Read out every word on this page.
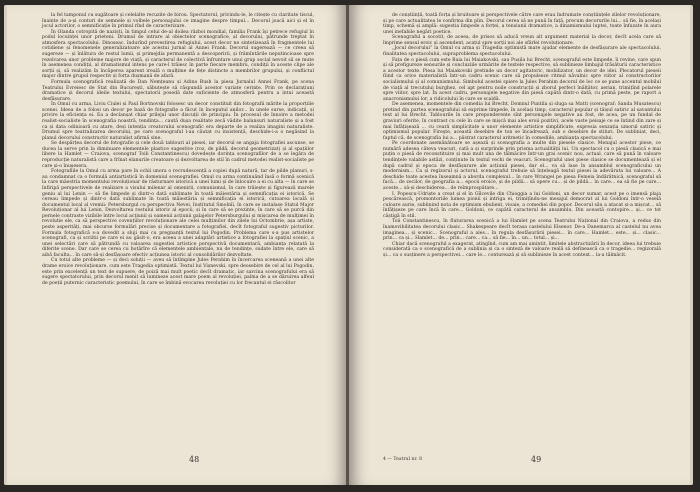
la fel tamponul cu sugătoare și celelalte recuzite de birou. Spectatorul, privindu-le, le citește cu claritate tiscul, înainte de a-și conturi de semnele și volbele personajului ce imagine despre timpul... Decorul joacă aici și el în jocul actorilor, o semnificație în primul rînd de caracterizare.

În Olanda cotropită de naziști, în timpul celui de-al doilea război mondial, familia Frank își petrece refugiul în podul locuinței unor prieteni. Drumul de intrare al obiectelor scenografice, al decorului, pătrunde treptat în atmosfera spectacolului. Dinoseac, îndurînd prevestirea refugiului, acest decor ne sintetizează în fragmentele lui cotidiene și fenomenele generalizatoare ale acestui jurnal al Annei Frank. Decorul sugerează — ce creea să sugereze — și înlătura de restul lumii, și primejdia permanentă a descoperirii, și frămîntările neputincioase spre rezolvarea unor probleme majore de viață, și caracterul de colectivă înfruntare unui grup social nevoit să se mute în asemenea condiții, al dramatismul intens pe care-l trăiesc în parte fiecare membru, condiții în aceste clipe ale sorții și, să realizăm în încăperea aparent ireală o mulțime de fețe distincte a membrilor grupului, și conflictul major dintre grupul respectiv și forța dușmană de afară.

Formula scenografică realizată de Dan Nemțeanu și Adina Bush la piesa Jurnalul Annei Frank, pe scena Teatrului Evreiesc de Stat din București, săbutește să răspundă acestor variate cerințe. Prin ce declarațiuni dramatice și decorul ideile textului, spectatorii posedă date suficiente de atmosferă pentru a intui această desfășurare.

În Omul cu arma, Liviu Ciulei și Paul Bortnovski folosesc un decor constituit din fotografii mărite la proporțiile scenei. Ideea de a folosi un decor pe bază de fotografie a făcut în începutul anilor... în unele surse, indicații, și privire la eficiența ei. Ea a declanșat chiar prilejul unor discuții de principiu. În procesul de înnoire a metodei realist-socialiste în scenografia noastră, tendința... caută dușa realitate zecă vădite balansuri naturaliste și a fost ca și data odinioară cu atare, deși intenția creatorului scenografic era departe de a realiza imagini naturaliste. Drumul spre teatralizarea decorului, pe care scenograful l-au căutat cu insistență, deschide-i-a o negăsind la planul decorului constructiv naturalist afirmă sine.

Se despărțea decorul de fotografie și cele două tablouri al piesei, iar decorul se angaja fotografiei ascunse, se ducea la serve prin la diminuare elementele plastice sugestive (roz, de pildă, decorul geometrizat) și al spațiilor libere la Hamlet — Craiova, scenograf Toili Constantinescu) dovedește dorința scenografilor de a se legăra de reproducție naturalistă care a frînat elanurile creatoare și dezvoltarea de stil în cadrul metodei realist-socialiste pe care și-o înușesera.

Fotografiile la Omul cu arma pare în ochii unora o recrudescență a copiei după natură, tar de pilde planuri, s-au condamnat ca o formulă antiartistică în domeniul scenografiei. Omul cu arma continuând însă o formă scenică la care măestria momentului revoluționar de răsturnare istorică a unei lumi și de înlocuire a ei cu alta — în care se înfiripă perspectivele de realizare a visului milenar al omenirii, comunismul, în care trăiește și figurează marele geniu al lui Lenin — să fie limpede și dintr-o dată sublimate în toată măiestăria și semnificația ei istorică. Se cereau limpede și dintr-o dată sublimate în toată măiestăria și semnificația ei istorică, cutoarea locală și documentul local al vremii: Petersburgul cu perspectiva Nevei, Institutul Smolnîi, în care se instalase Statul Major Revoluționar al lui Lenin, Dezvoltarea rostului istoric al epocii, și în care să se prezinte, în care să se purcă din pernele contraste vizibile între locul acțiunii și oamenii acțiunii galajelor Petersburgului și mișcarea de mulțimei în revolutie ele, ca să perspective covențiilor revoluționare ale celei mulțimilor din zilele lui Octombrie, așa artiste, peste asperități, mai obcurse formulări precise și documentare a fotografiei, decît fotograful sugestiv picturilor. Formula fotografică s-a dovedit a sluji mai cu pregnanță textul lui Pogodin. Problema care s-a pus artistelor scenografi, ca și scriitii pe care ei au găsit-o, era aceea a unei adaptări artistice a fotografiei la spațiul scenic, a unei selectări care să pătrundă cu valoarea sugestiei artistice perspectivă documentară, ambianța relatată la diferite scene. Dar care se cerea cu hotărîre că elementele ambientale, nu de tendințe, sudate între ele, care să aibă faculta... în care să-și desfășoare efectiv acțiunea istoric al consolidărilor dezvoltate.

Cu totul alte probleme — și deci soluții — aveu să întîmpine Jules Perahim în încercarea sceneană a unei alte drame eroice revoluționare, cum este Tragedia optimistă. Textul lui Vișnevski, spre deosebire de cel al lui Pogodin, este prin excelență un text de supuere, de poiză mai mult poetic decît dramatic, iar sarcina scenografului era să sugere spectatorului, prin decorul menit să lumineze acest mare poem al revoluției, palma de a se dăruirea alfeul de poeții puternic caracteristic poemului, în care se îmbină evocarea revoluției cu lor frecantul ei răscolitor

48

de conștiință, toată forța și bruitoare și perspectivele către care erau îndrumate conștiințele zilelor revoluționare, și pe care actualitatea le confirma din plin. Decorul cerea să ne pună în față, precum decorurile lui... să fie, în același timp, schemă și amplă: sugestia limpede a forței, a tensiunii dramatice, a dinamismului luptei, toate înfuzate în aura unei inefabile negări poetice.

Scenograful a socotit, de aceea, de prisos să aducă vreun alt argument material la decor, decît acela care să împrime sensul eroic și ascendent, acațul spre sorții noi ale sfârlei revoluționare.

„Jocul decorului” la Omul cu arma și Tragedia optimistă mare ajudar elemente de desfășurare ale spectacolului, finalitatea spectacolului, supraproblema spectacolului.

Fața de o piesă cum este Baia lui Maiakovski, sau Pușila lui Brecht, scenograful este limpede, îi revine, care spun și să prefigureze sensurile și concluziile urmărite de textele respective, să sublinieze limbajul trăsăturii caracteristice a acestor texte. Piesa lui Maiakovski pretinde un decor agitatoric, mobilizator, un decor de idei. Plecatorul pieseii fiind ca orice materialistă într-un cadru scenic care să propulseze ritmul năvalnic spre viitor al constructorilor socialismului și al comunismului. Simbolul acestei spiere la Jules Perahim decorul de loc ce se pune accentul mobilul de viață al trecutului burghez, cel apt pentru noile construcții și zborul perfect înălțător, aerian, trimițînd polarele spre viitor, spre lat. În acest cadru, personajele negative din piesă capătă dintr-o dată, cu primă peste, pe raport a anacronismului lor, a ridicolului în care se scaldă.

De asemenea, momentele din comedia lui Brecht, Domnul Puntila și sluga sa Matti (scenograf: Sanda Musatescu) pretind din partea scenografului să exprime limpede, în același timp, caracterul popular și tăișul satiric al savantului text al lui Brecht. Tablourile în care preponderente sînt personajele negative au fost, de acea, pe un fundal de graviuri oferite, în contrast cu cele în care se mișcă mai ales eroii pozitivi, acele vaste peisaje ce se întind din zare și mai înfățișează ... cu ceară simplicitate a unor elemente artistice simplificate, expresia senzația umorul satiric și optimismul popular. Fireşte, această desebire de ton se încadrează, sub o desebire de stiluri. De subliniat, deci, faptul că, de scenografia lui a... păstrat caracterul aritmetic în comediile, ambianța spectacolului.

Pe coordonate asemănătoare se așează și scenografia a multe din piesele clasice. Menajul acestor piese, ce numără adesea câteva veacuri, cată a și surprinde prin prisma actualității lui. Un spectacol cu o piesă clasică e mai puțin o piesă de reconstituire și mai mult una de tălmăcire într-un grai scenic nou, actual, care să pună în valoare tendințele valabile astăzi, conținute în textul vechi de veacuri. Scenograful unei piese clasice se documentează și el după cadrul și epoca de desfășurare ale acțiunii piesei, dar el... va să lase în ansamblul scenograficului un modernism... Ca și regizorul și actorul, scenograful trebuie să înțeleagă textul piesei la adevărata lui valoare... A deschide toate acestea înseamnă a aborda complexul... în care Wrangel pe piesa Femeia îndărătnică, scenograful să facă... de zecilor, de geografia a... epocii eroice, și de pildă... să opere cu... și de pildă... în care... ea să fie pe care... aceste... să-și deschiderea... de reîmprospătare...

I. Popescu-Udriște a creat și el în Gîlcevile din Chioggia a lui Goldoni, un decor sumar, acest pe o imensă plaja pescărească, promontoriile lumea pionii și intriga ei, trimițîndu-ne mesajul democrat al lui Goldoni într-o veselă culoare aurie, sublinind nota de optimism ebulient, vioaie, a comediei din popor. Decorul său a atacat și-a mișcat... să înfățișeze pe care încă în care... Goldoni, ce capătă caracterul de ansamblu. Din această contopire... și... ce tot câștigă în stil.

Toii Constantinescu, în fluturarea scenică a lui Hamlet pe scena Teatrului Național din Craiova, a redus din înamovibilitatea decorului clasic... Shakespeare decît terasa castelului Elsenor. De-a Danemarca al castelul nu avea imaginea... și scenic... Scenograful a ales... în regula desfășurării piesei... în care... Hamlet... este... și... clasic... prin... ca și... Hamlet... de... prin... care... ca... să fie... în... un... totul... și...

Chiar dacă scenograful a exagerat, atingînd, cum am mai amintit, limitele abstractizării în decor, ideea lui trebuie considerată ca o scenografică de a sublinia și ca o sinteză de valoare reală să definească ca o tragedie... regizorală și... ca o susținere a perspectivei... care le... conturează și să sublinieze în acest context... la-a tălmăcit.

4 — Teatrul nr. 8	49
